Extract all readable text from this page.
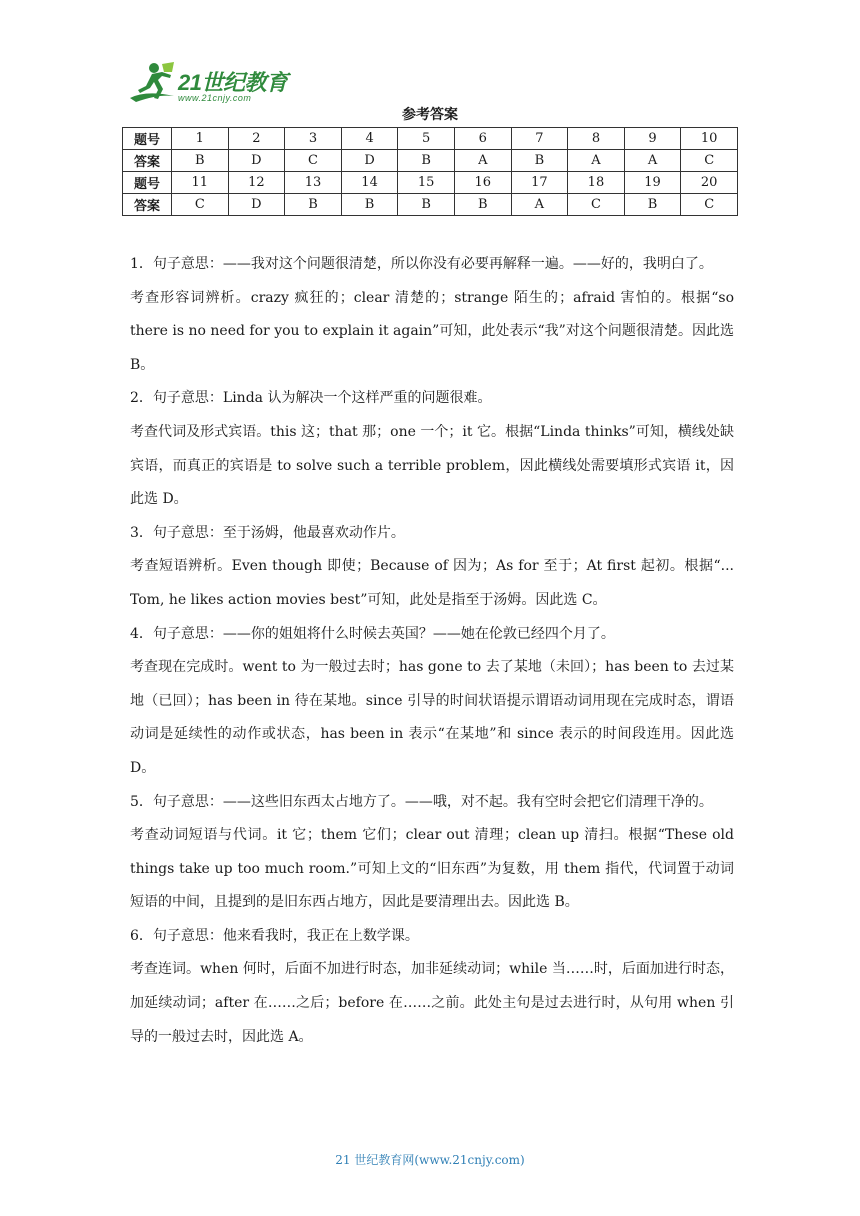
21世纪教育
www.21cnjy.com
参考答案
题号	1	2	3	4	5	6	7	8	9	10
答案	B	D	C	D	B	A	B	A	A	C
题号	11	12	13	14	15	16	17	18	19	20
答案	C	D	B	B	B	B	A	C	B	C

1．句子意思：——我对这个问题很清楚，所以你没有必要再解释一遍。——好的，我明白了。

考查形容词辨析。crazy 疯狂的；clear 清楚的；strange 陌生的；afraid 害怕的。根据“so there is no need for you to explain it again”可知，此处表示“我”对这个问题很清楚。因此选 B。

2．句子意思：Linda 认为解决一个这样严重的问题很难。

考查代词及形式宾语。this 这；that 那；one 一个；it 它。根据“Linda thinks”可知，横线处缺宾语，而真正的宾语是 to solve such a terrible problem，因此横线处需要填形式宾语 it，因此选 D。

3．句子意思：至于汤姆，他最喜欢动作片。

考查短语辨析。Even though 即使；Because of 因为；As for 至于；At first 起初。根据“... Tom, he likes action movies best”可知，此处是指至于汤姆。因此选 C。

4．句子意思：——你的姐姐将什么时候去英国？——她在伦敦已经四个月了。

考查现在完成时。went to 为一般过去时；has gone to 去了某地（未回）；has been to 去过某地（已回）；has been in 待在某地。since 引导的时间状语提示谓语动词用现在完成时态，谓语动词是延续性的动作或状态，has been in 表示“在某地”和 since 表示的时间段连用。因此选 D。

5．句子意思：——这些旧东西太占地方了。——哦，对不起。我有空时会把它们清理干净的。

考查动词短语与代词。it 它；them 它们；clear out 清理；clean up 清扫。根据“These old things take up too much room.”可知上文的“旧东西”为复数，用 them 指代，代词置于动词短语的中间，且提到的是旧东西占地方，因此是要清理出去。因此选 B。

6．句子意思：他来看我时，我正在上数学课。

考查连词。when 何时，后面不加进行时态，加非延续动词；while 当……时，后面加进行时态，加延续动词；after 在……之后；before 在……之前。此处主句是过去进行时，从句用 when 引导的一般过去时，因此选 A。

21 世纪教育网(www.21cnjy.com)
